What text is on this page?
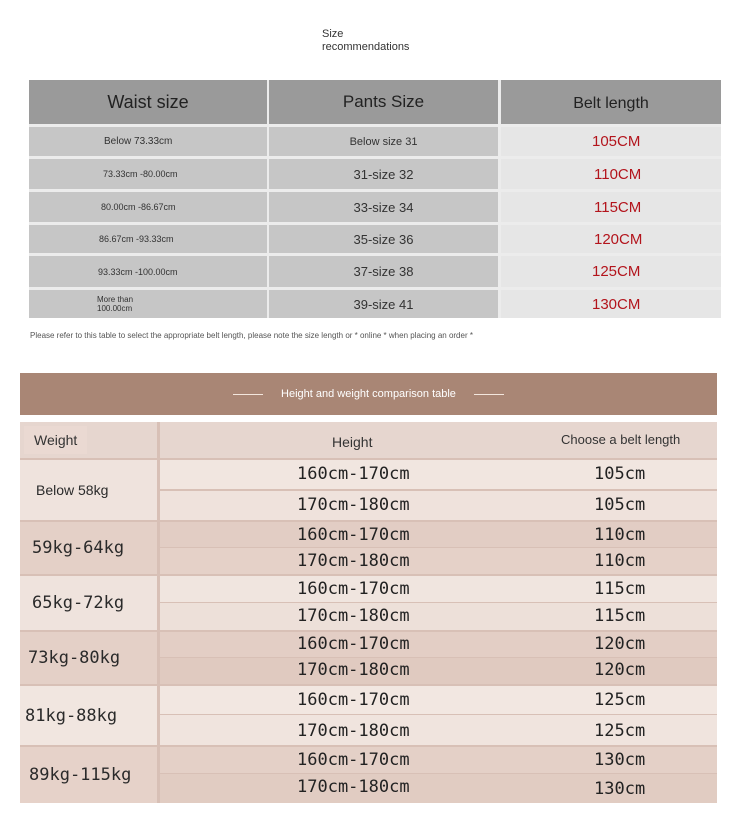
Size
recommendations
Waist size	Pants Size	Belt length
Below 73.33cm	Below size 31	105CM
73.33cm -80.00cm	31-size 32	110CM
80.00cm -86.67cm	33-size 34	115CM
86.67cm -93.33cm	35-size 36	120CM
93.33cm -100.00cm	37-size 38	125CM
More than
100.00cm	39-size 41	130CM
Please refer to this table to select the appropriate belt length, please note the size length or * online * when placing an order *
Height and weight comparison table
Weight	Height	Choose a belt length
Below 58kg
160cm-170cm	105cm
170cm-180cm	105cm
59kg-64kg
160cm-170cm	110cm
170cm-180cm	110cm
65kg-72kg
160cm-170cm	115cm
170cm-180cm	115cm
73kg-80kg
160cm-170cm	120cm
170cm-180cm	120cm
81kg-88kg
160cm-170cm	125cm
170cm-180cm	125cm
89kg-115kg
160cm-170cm	130cm
170cm-180cm	130cm
